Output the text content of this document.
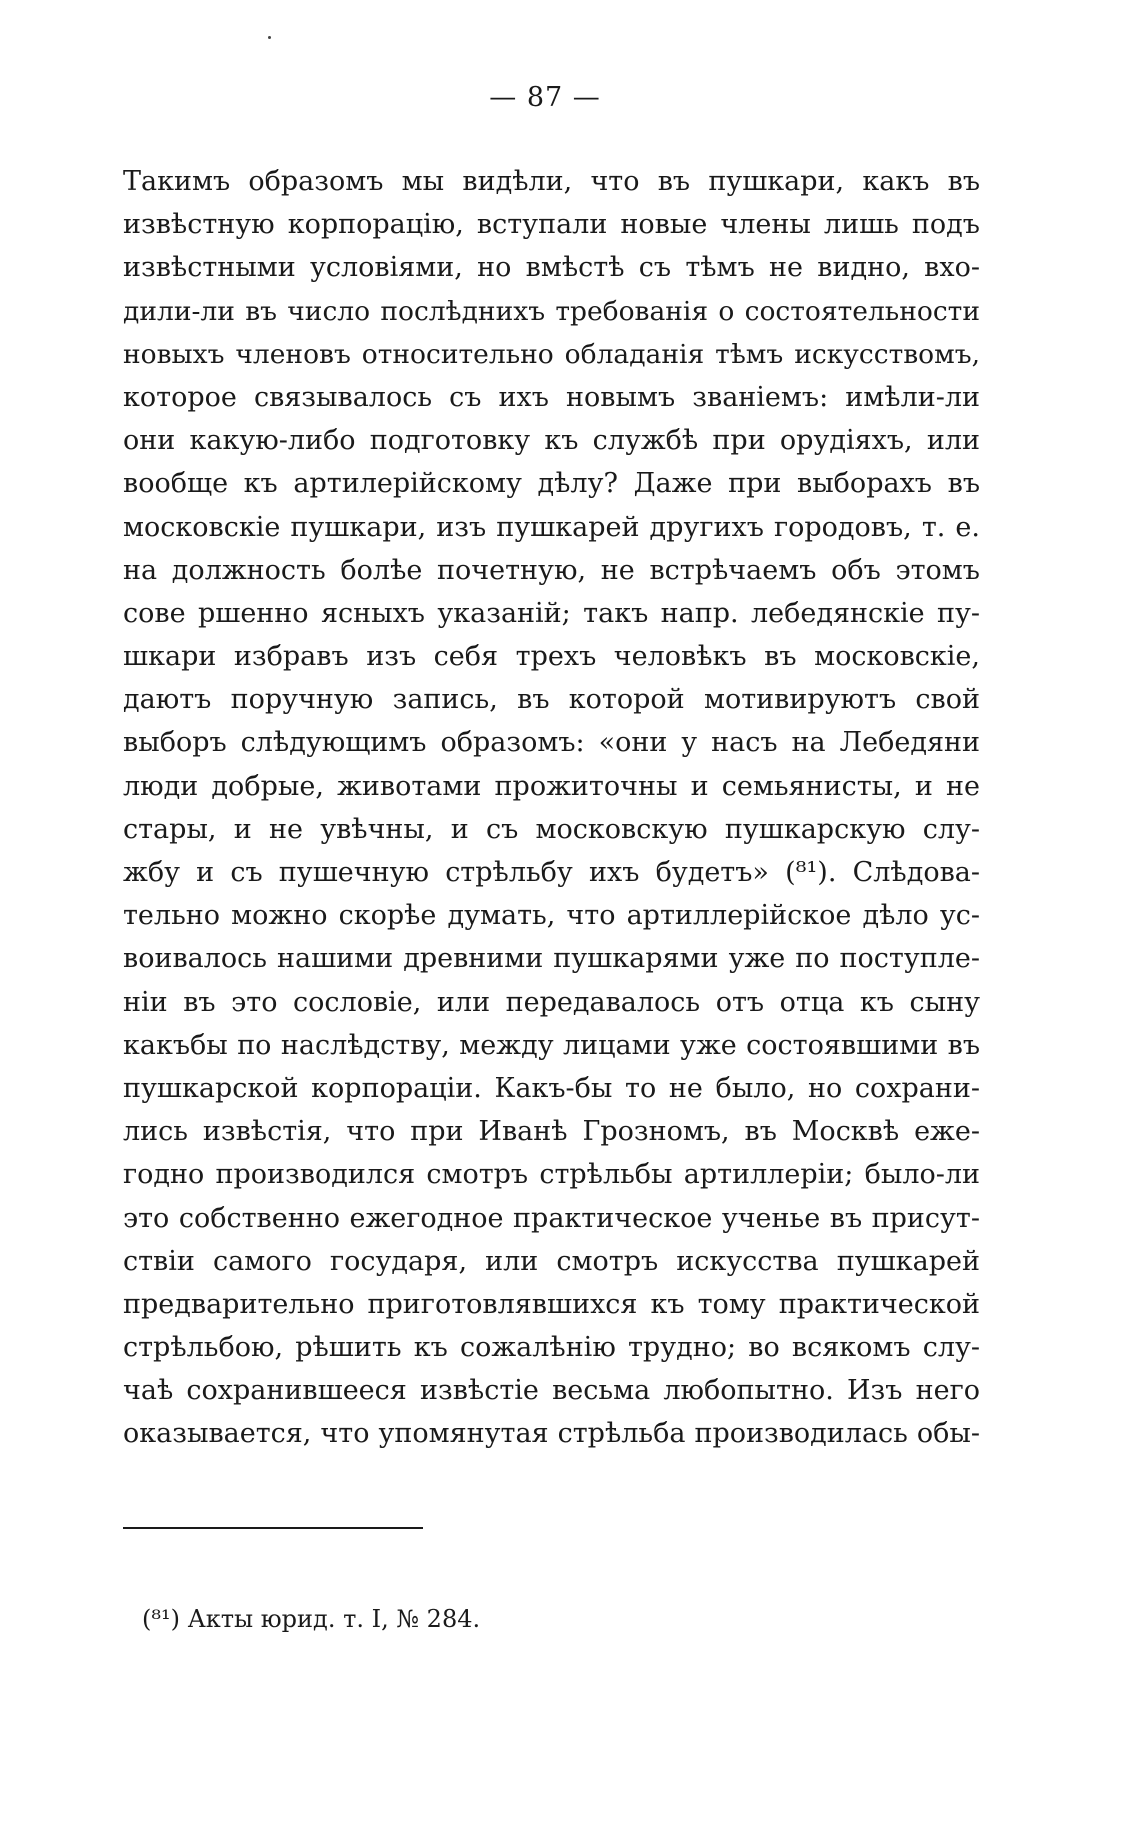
— 87 —
Такимъ образомъ мы видѣли, что въ пушкари, какъ въ
извѣстную корпорацію, вступали новые члены лишь подъ
извѣстными условіями, но вмѣстѣ съ тѣмъ не видно, вхо-
дили-ли въ число послѣднихъ требованія о состоятельности
новыхъ членовъ относительно обладанія тѣмъ искусствомъ,
которое связывалось съ ихъ новымъ званіемъ: имѣли-ли
они какую-либо подготовку къ службѣ при орудіяхъ, или
вообще къ артилерійскому дѣлу? Даже при выборахъ въ
московскіе пушкари, изъ пушкарей другихъ городовъ, т. е.
на должность болѣе почетную, не встрѣчаемъ объ этомъ
сове ршенно ясныхъ указаній; такъ напр. лебедянскіе пу-
шкари избравъ изъ себя трехъ человѣкъ въ московскіе,
даютъ поручную запись, въ которой мотивируютъ свой
выборъ слѣдующимъ образомъ: «они у насъ на Лебедяни
люди добрые, животами прожиточны и семьянисты, и не
стары, и не увѣчны, и съ московскую пушкарскую слу-
жбу и съ пушечную стрѣльбу ихъ будетъ» (⁸¹). Слѣдова-
тельно можно скорѣе думать, что артиллерійское дѣло ус-
воивалось нашими древними пушкарями уже по поступле-
ніи въ это сословіе, или передавалось отъ отца къ сыну
какъбы по наслѣдству, между лицами уже состоявшими въ
пушкарской корпораціи. Какъ-бы то не было, но сохрани-
лись извѣстія, что при Иванѣ Грозномъ, въ Москвѣ еже-
годно производился смотръ стрѣльбы артиллеріи; было-ли
это собственно ежегодное практическое ученье въ присут-
ствіи самого государя, или смотръ искусства пушкарей
предварительно приготовлявшихся къ тому практической
стрѣльбою, рѣшить къ сожалѣнію трудно; во всякомъ слу-
чаѣ сохранившееся извѣстіе весьма любопытно. Изъ него
оказывается, что упомянутая стрѣльба производилась обы-
(⁸¹) Акты юрид. т. I, № 284.
